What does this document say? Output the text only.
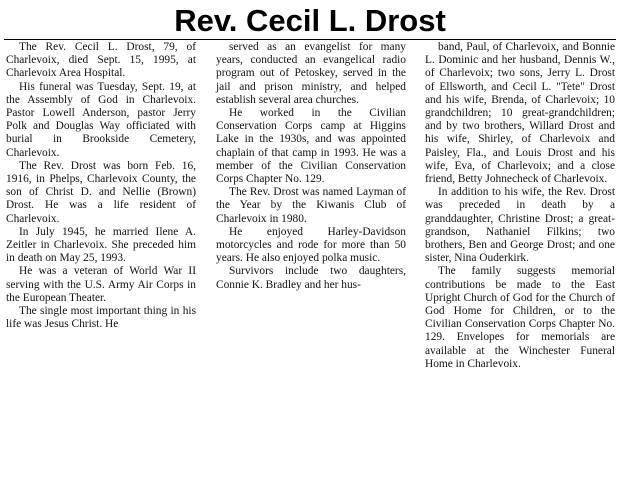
Rev. Cecil L. Drost

The Rev. Cecil L. Drost, 79, of Charlevoix, died Sept. 15, 1995, at Charlevoix Area Hospital.

His funeral was Tuesday, Sept. 19, at the Assembly of God in Charlevoix. Pastor Lowell Anderson, pastor Jerry Polk and Douglas Way officiated with burial in Brookside Cemetery, Charlevoix.

The Rev. Drost was born Feb. 16, 1916, in Phelps, Charlevoix County, the son of Christ D. and Nellie (Brown) Drost. He was a life resident of Charlevoix.

In July 1945, he married Ilene A. Zeitler in Charlevoix. She preceded him in death on May 25, 1993.

He was a veteran of World War II serving with the U.S. Army Air Corps in the European Theater.

The single most important thing in his life was Jesus Christ. He

served as an evangelist for many years, conducted an evangelical radio program out of Petoskey, served in the jail and prison ministry, and helped establish several area churches.

He worked in the Civilian Conservation Corps camp at Higgins Lake in the 1930s, and was appointed chaplain of that camp in 1993. He was a member of the Civilian Conservation Corps Chapter No. 129.

The Rev. Drost was named Layman of the Year by the Kiwanis Club of Charlevoix in 1980.

He enjoyed Harley-Davidson motorcycles and rode for more than 50 years. He also enjoyed polka music.

Survivors include two daughters, Connie K. Bradley and her hus-

band, Paul, of Charlevoix, and Bonnie L. Dominic and her husband, Dennis W., of Charlevoix; two sons, Jerry L. Drost of Ellsworth, and Cecil L. "Tete" Drost and his wife, Brenda, of Charlevoix; 10 grandchildren; 10 great-grandchildren; and by two brothers, Willard Drost and his wife, Shirley, of Charlevoix and Paisley, Fla., and Louis Drost and his wife, Eva, of Charlevoix; and a close friend, Betty Johnecheck of Charlevoix.

In addition to his wife, the Rev. Drost was preceded in death by a granddaughter, Christine Drost; a great-grandson, Nathaniel Filkins; two brothers, Ben and George Drost; and one sister, Nina Ouderkirk.

The family suggests memorial contributions be made to the East Upright Church of God for the Church of God Home for Children, or to the Civilian Conservation Corps Chapter No. 129. Envelopes for memorials are available at the Winchester Funeral Home in Charlevoix.
